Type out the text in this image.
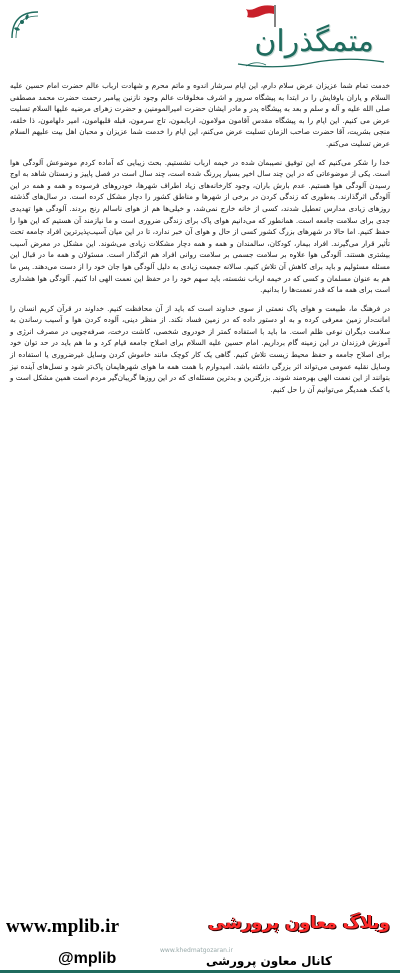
متمگذران

خدمت تمام شما عزیزان عرض سلام دارم، این ایام سرشار اندوه و ماتم محرم و شهادت ارباب عالم حضرت امام حسین علیه السلام و یاران باوفایش را در ابتدا به پیشگاه سرور و اشرف مخلوقات عالم وجود نازنین پیامبر رحمت حضرت محمد مصطفی صلی الله علیه و آله و سلم و بعد به پیشگاه پدر و مادر ایشان حضرت امیرالمومنین و حضرت زهرای مرضیه علیها السلام تسلیت عرض می کنیم. این ایام را به پیشگاه مقدس آقامون مولامون، اربابمون، تاج سرمون، قبله قلبهامون، امیر دلهامون، ذا خلقه، منجی بشریت، آقا حضرت صاحب الزمان تسلیت عرض می‌کنم، این ایام را خدمت شما عزیزان و محبان اهل بیت علیهم السلام عرض تسلیت می‌کنم.

خدا را شکر می‌کنیم که این توفیق نصیبمان شده در خیمه ارباب نشستیم. بحث زیبایی که آماده کردم موضوعش آلودگی هوا است. یکی از موضوعاتی که در این چند سال اخیر بسیار پررنگ شده است، چند سال است در فصل پاییز و زمستان شاهد به اوج رسیدن آلودگی هوا هستیم. عدم بارش باران، وجود کارخانه‌های زیاد اطراف شهرها، خودروهای فرسوده و همه و همه در این آلودگی اثرگذارند. به‌طوری که زندگی کردن در برخی از شهرها و مناطق کشور را دچار مشکل کرده است. در سال‌های گذشته روزهای زیادی مدارس تعطیل شدند، کسی از خانه خارج نمی‌شد، و خیلی‌ها هم از هوای ناسالم رنج بردند. آلودگی هوا تهدیدی جدی برای سلامت جامعه است. همانطور که می‌دانیم هوای پاک برای زندگی ضروری است و ما نیازمند آن هستیم که این هوا را حفظ کنیم. اما حالا در شهرهای بزرگ کشور کسی از حال و هوای آن خبر ندارد، تا در این میان آسیب‌پذیرترین افراد جامعه تحت تأثیر قرار می‌گیرند. افراد بیمار، کودکان، سالمندان و همه و همه دچار مشکلات زیادی می‌شوند. این مشکل در معرض آسیب بیشتری هستند. آلودگی هوا علاوه بر سلامت جسمی بر سلامت روانی افراد هم اثرگذار است. مسئولان و همه ما در قبال این مسئله مسئولیم و باید برای کاهش آن تلاش کنیم. سالانه جمعیت زیادی به دلیل آلودگی هوا جان خود را از دست می‌دهند. پس ما هم به عنوان مسلمان و کسی که در خیمه ارباب نشسته، باید سهم خود را در حفظ این نعمت الهی ادا کنیم. آلودگی هوا هشداری است برای همه ما که قدر نعمت‌ها را بدانیم.

در فرهنگ ما، طبیعت و هوای پاک نعمتی از سوی خداوند است که باید از آن محافظت کنیم. خداوند در قرآن کریم انسان را امانت‌دار زمین معرفی کرده و به او دستور داده که در زمین فساد نکند. از منظر دینی، آلوده کردن هوا و آسیب رساندن به سلامت دیگران نوعی ظلم است. ما باید با استفاده کمتر از خودروی شخصی، کاشت درخت، صرفه‌جویی در مصرف انرژی و آموزش فرزندان در این زمینه گام برداریم. امام حسین علیه السلام برای اصلاح جامعه قیام کرد و ما هم باید در حد توان خود برای اصلاح جامعه و حفظ محیط زیست تلاش کنیم. گاهی یک کار کوچک مانند خاموش کردن وسایل غیرضروری یا استفاده از وسایل نقلیه عمومی می‌تواند اثر بزرگی داشته باشد. امیدوارم با همت همه ما هوای شهرهایمان پاک‌تر شود و نسل‌های آینده نیز بتوانند از این نعمت الهی بهره‌مند شوند. بزرگترین و بدترین مسئله‌ای که در این روزها گریبان‌گیر مردم است همین مشکل است و با کمک همدیگر می‌توانیم آن را حل کنیم.

www.mplib.ir	وبلاگ معاون پرورشی
www.khedmatgozaran.ir
کانال معاون پرورشی
@mplib
